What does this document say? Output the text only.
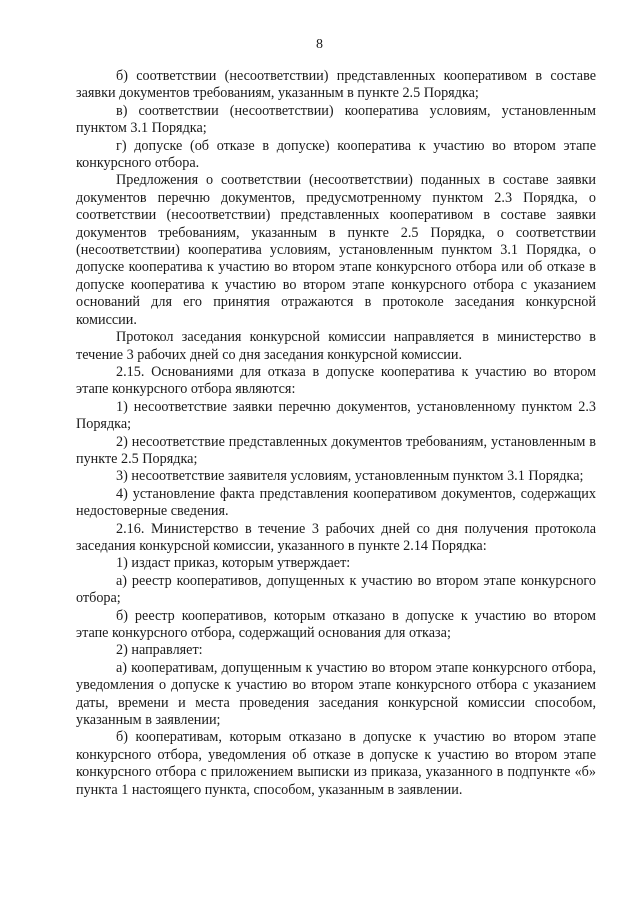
8

б) соответствии (несоответствии) представленных кооперативом в составе заявки документов требованиям, указанным в пункте 2.5 Порядка;

в) соответствии (несоответствии) кооператива условиям, установленным пунктом 3.1 Порядка;

г) допуске (об отказе в допуске) кооператива к участию во втором этапе конкурсного отбора.

Предложения о соответствии (несоответствии) поданных в составе заявки документов перечню документов, предусмотренному пунктом 2.3 Порядка, о соответствии (несоответствии) представленных кооперативом в составе заявки документов требованиям, указанным в пункте 2.5 Порядка, о соответствии (несоответствии) кооператива условиям, установленным пунктом 3.1 Порядка, о допуске кооператива к участию во втором этапе конкурсного отбора или об отказе в допуске кооператива к участию во втором этапе конкурсного отбора с указанием оснований для его принятия отражаются в протоколе заседания конкурсной комиссии.

Протокол заседания конкурсной комиссии направляется в министерство в течение 3 рабочих дней со дня заседания конкурсной комиссии.

2.15. Основаниями для отказа в допуске кооператива к участию во втором этапе конкурсного отбора являются:

1) несоответствие заявки перечню документов, установленному пунктом 2.3 Порядка;

2) несоответствие представленных документов требованиям, установленным в пункте 2.5 Порядка;

3) несоответствие заявителя условиям, установленным пунктом 3.1 Порядка;

4) установление факта представления кооперативом документов, содержащих недостоверные сведения.

2.16. Министерство в течение 3 рабочих дней со дня получения протокола заседания конкурсной комиссии, указанного в пункте 2.14 Порядка:

1) издаст приказ, которым утверждает:

а) реестр кооперативов, допущенных к участию во втором этапе конкурсного отбора;

б) реестр кооперативов, которым отказано в допуске к участию во втором этапе конкурсного отбора, содержащий основания для отказа;

2) направляет:

а) кооперативам, допущенным к участию во втором этапе конкурсного отбора, уведомления о допуске к участию во втором этапе конкурсного отбора с указанием даты, времени и места проведения заседания конкурсной комиссии способом, указанным в заявлении;

б) кооперативам, которым отказано в допуске к участию во втором этапе конкурсного отбора, уведомления об отказе в допуске к участию во втором этапе конкурсного отбора с приложением выписки из приказа, указанного в подпункте «б» пункта 1 настоящего пункта, способом, указанным в заявлении.
